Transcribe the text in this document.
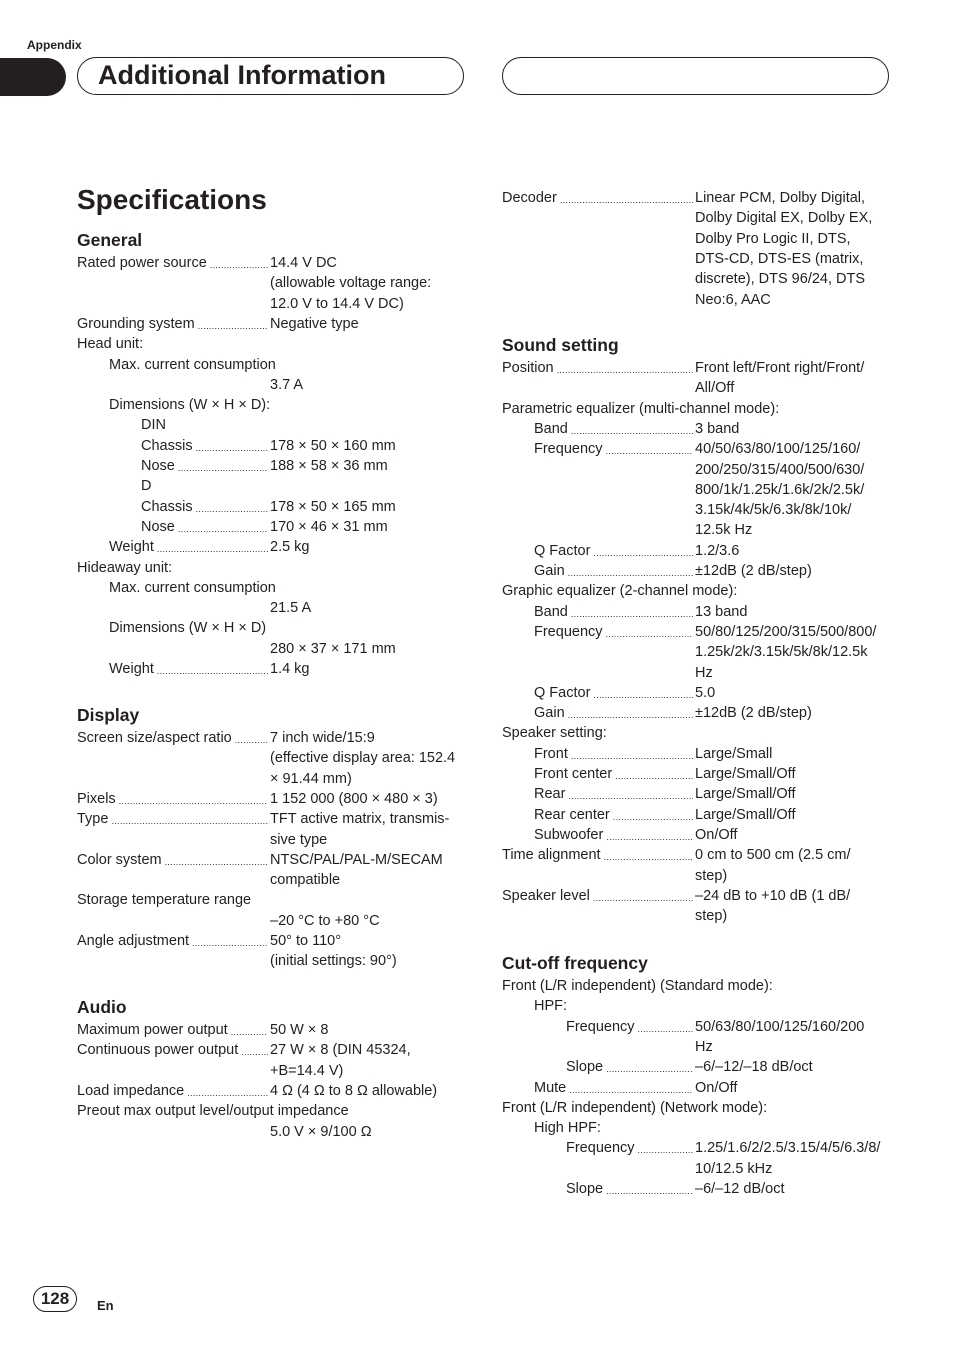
Appendix
Additional Information
Specifications
General
Display
Audio
Sound setting
Cut-off frequency
Rated power source .....	14.4 V DC
(allowable voltage range:
12.0 V to 14.4 V DC)
Grounding system .....	Negative type
Head unit:
Max. current consumption
3.7 A
Dimensions (W × H × D):
DIN
Chassis .....	178 × 50 × 160 mm
Nose .....	188 × 58 × 36 mm
D
Chassis .....	178 × 50 × 165 mm
Nose .....	170 × 46 × 31 mm
Weight .....	2.5 kg
Hideaway unit:
Max. current consumption
21.5 A
Dimensions (W × H × D)
280 × 37 × 171 mm
Weight .....	1.4 kg
Screen size/aspect ratio .....	7 inch wide/15:9
(effective display area: 152.4
× 91.44 mm)
Pixels .....	1 152 000 (800 × 480 × 3)
Type .....	TFT active matrix, transmis-
sive type
Color system .....	NTSC/PAL/PAL-M/SECAM
compatible
Storage temperature range
–20 °C to +80 °C
Angle adjustment .....	50° to 110°
(initial settings: 90°)
Maximum power output .....	50 W × 8
Continuous power output ..... 27 W × 8 (DIN 45324,
+B=14.4 V)
Load impedance .....	4 Ω (4 Ω to 8 Ω allowable)
Preout max output level/output impedance
5.0 V × 9/100 Ω
Decoder .....	Linear PCM, Dolby Digital,
Dolby Digital EX, Dolby EX,
Dolby Pro Logic II, DTS,
DTS-CD, DTS-ES (matrix,
discrete), DTS 96/24, DTS
Neo:6, AAC
Position .....	Front left/Front right/Front/
All/Off
Parametric equalizer (multi-channel mode):
Band .....	3 band
Frequency .....	40/50/63/80/100/125/160/
200/250/315/400/500/630/
800/1k/1.25k/1.6k/2k/2.5k/
3.15k/4k/5k/6.3k/8k/10k/
12.5k Hz
Q Factor .....	1.2/3.6
Gain .....	±12dB (2 dB/step)
Graphic equalizer (2-channel mode):
Band .....	13 band
Frequency .....	50/80/125/200/315/500/800/
1.25k/2k/3.15k/5k/8k/12.5k
Hz
Q Factor .....	5.0
Gain .....	±12dB (2 dB/step)
Speaker setting:
Front .....	Large/Small
Front center .....	Large/Small/Off
Rear .....	Large/Small/Off
Rear center .....	Large/Small/Off
Subwoofer .....	On/Off
Time alignment .....	0 cm to 500 cm (2.5 cm/
step)
Speaker level .....	–24 dB to +10 dB (1 dB/
step)
Front (L/R independent) (Standard mode):
HPF:
Frequency .....	50/63/80/100/125/160/200
Hz
Slope .....	–6/–12/–18 dB/oct
Mute .....	On/Off
Front (L/R independent) (Network mode):
High HPF:
Frequency .....	1.25/1.6/2/2.5/3.15/4/5/6.3/8/
10/12.5 kHz
Slope .....	–6/–12 dB/oct
128	En
